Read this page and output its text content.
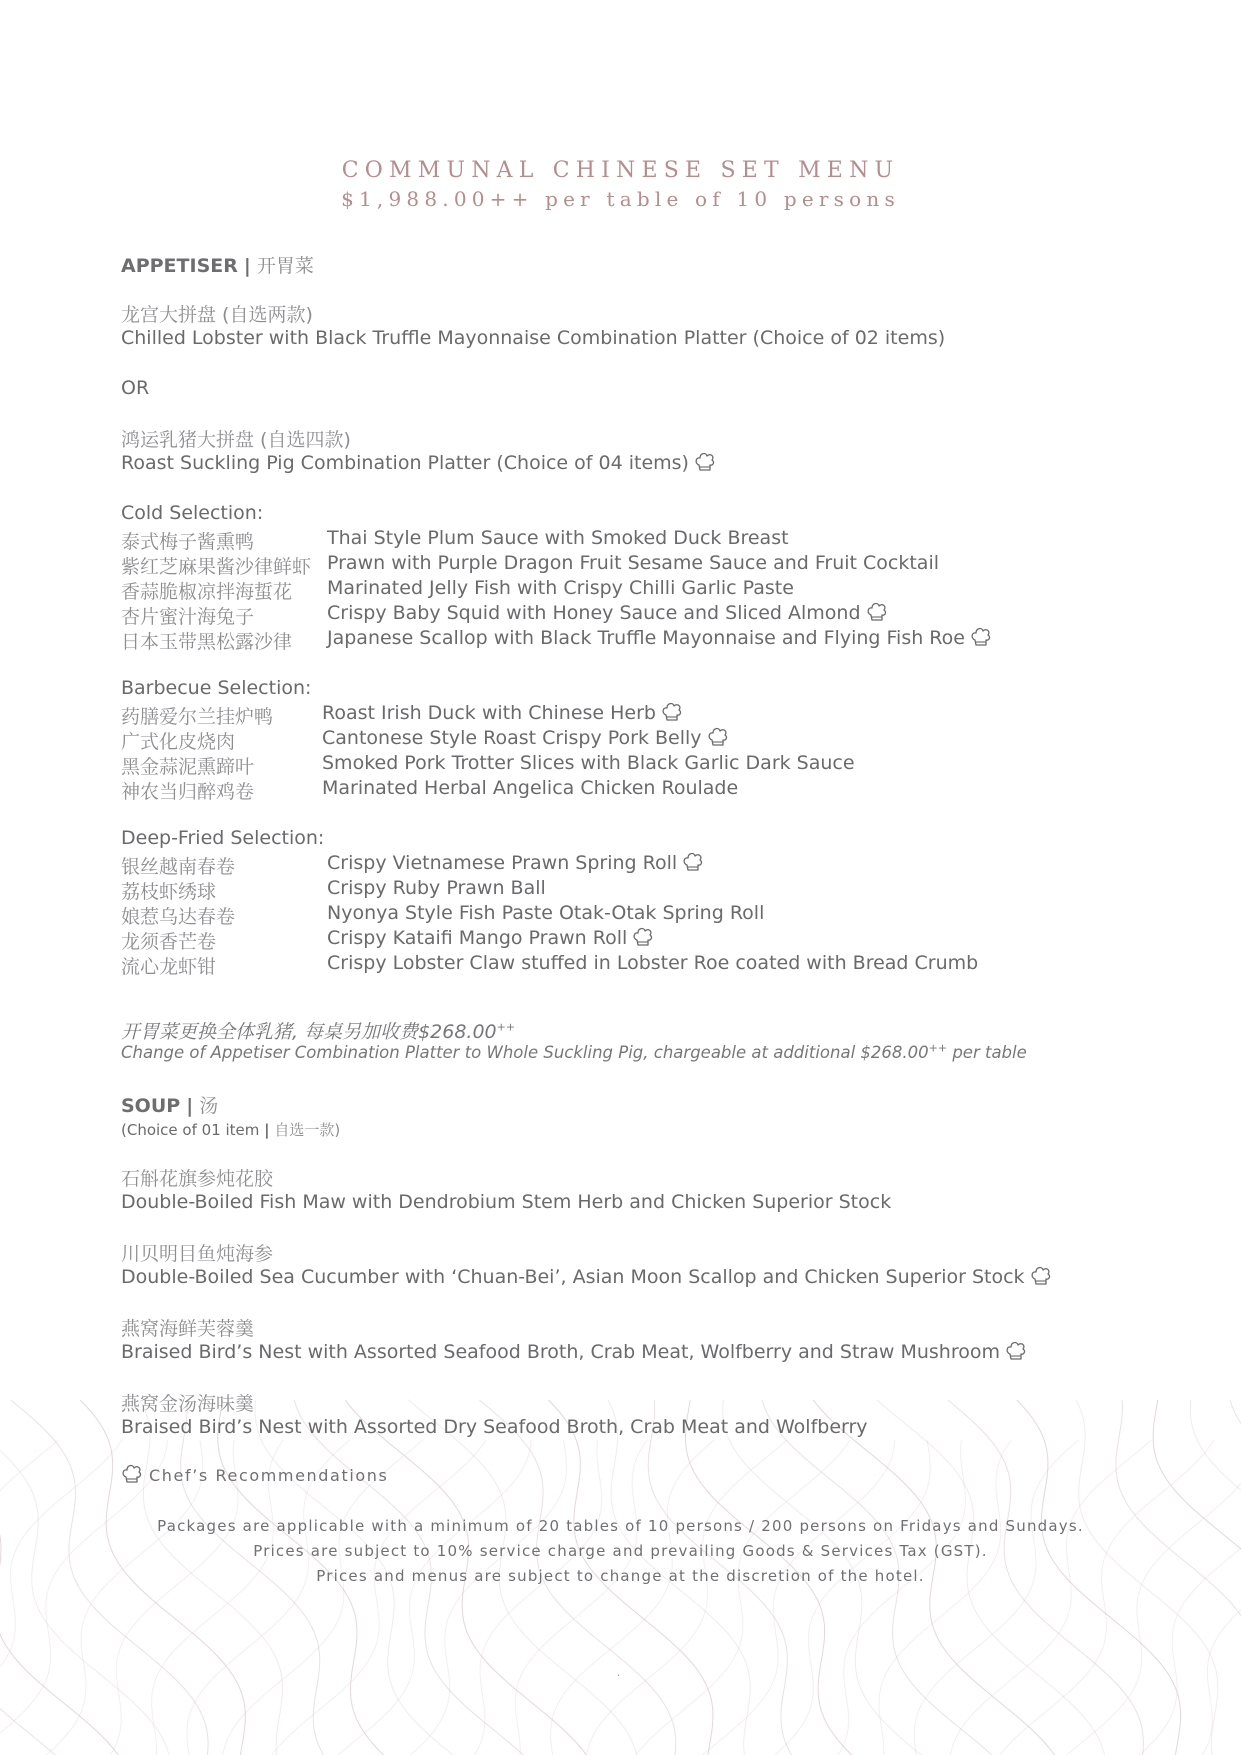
COMMUNAL CHINESE SET MENU
$1,988.00++ per table of 10 persons
APPETISER | 开胃菜
龙宫大拼盘 (自选两款)
Chilled Lobster with Black Truffle Mayonnaise Combination Platter (Choice of 02 items)
OR
鸿运乳猪大拼盘 (自选四款)
Roast Suckling Pig Combination Platter (Choice of 04 items)
Cold Selection:
泰式梅子酱熏鸭	Thai Style Plum Sauce with Smoked Duck Breast
紫红芝麻果酱沙律鲜虾 Prawn with Purple Dragon Fruit Sesame Sauce and Fruit Cocktail
香蒜脆椒凉拌海蜇花 Marinated Jelly Fish with Crispy Chilli Garlic Paste
杏片蜜汁海兔子	Crispy Baby Squid with Honey Sauce and Sliced Almond
日本玉带黑松露沙律 Japanese Scallop with Black Truffle Mayonnaise and Flying Fish Roe
Barbecue Selection:
药膳爱尔兰挂炉鸭	Roast Irish Duck with Chinese Herb
广式化皮烧肉	Cantonese Style Roast Crispy Pork Belly
黑金蒜泥熏蹄叶	Smoked Pork Trotter Slices with Black Garlic Dark Sauce
神农当归醉鸡卷	Marinated Herbal Angelica Chicken Roulade
Deep-Fried Selection:
银丝越南春卷	Crispy Vietnamese Prawn Spring Roll
荔枝虾绣球	Crispy Ruby Prawn Ball
娘惹乌达春卷	Nyonya Style Fish Paste Otak-Otak Spring Roll
龙须香芒卷	Crispy Kataifi Mango Prawn Roll
流心龙虾钳	Crispy Lobster Claw stuffed in Lobster Roe coated with Bread Crumb
开胃菜更换全体乳猪, 每桌另加收费$268.00++
Change of Appetiser Combination Platter to Whole Suckling Pig, chargeable at additional $268.00++ per table
SOUP | 汤
(Choice of 01 item | 自选一款)
石斛花旗参炖花胶
Double-Boiled Fish Maw with Dendrobium Stem Herb and Chicken Superior Stock
川贝明目鱼炖海参
Double-Boiled Sea Cucumber with ‘Chuan-Bei’, Asian Moon Scallop and Chicken Superior Stock
燕窝海鲜芙蓉羹
Braised Bird’s Nest with Assorted Seafood Broth, Crab Meat, Wolfberry and Straw Mushroom
燕窝金汤海味羹
Braised Bird’s Nest with Assorted Dry Seafood Broth, Crab Meat and Wolfberry
Chef’s Recommendations
Packages are applicable with a minimum of 20 tables of 10 persons / 200 persons on Fridays and Sundays.
Prices are subject to 10% service charge and prevailing Goods & Services Tax (GST).
Prices and menus are subject to change at the discretion of the hotel.
.
